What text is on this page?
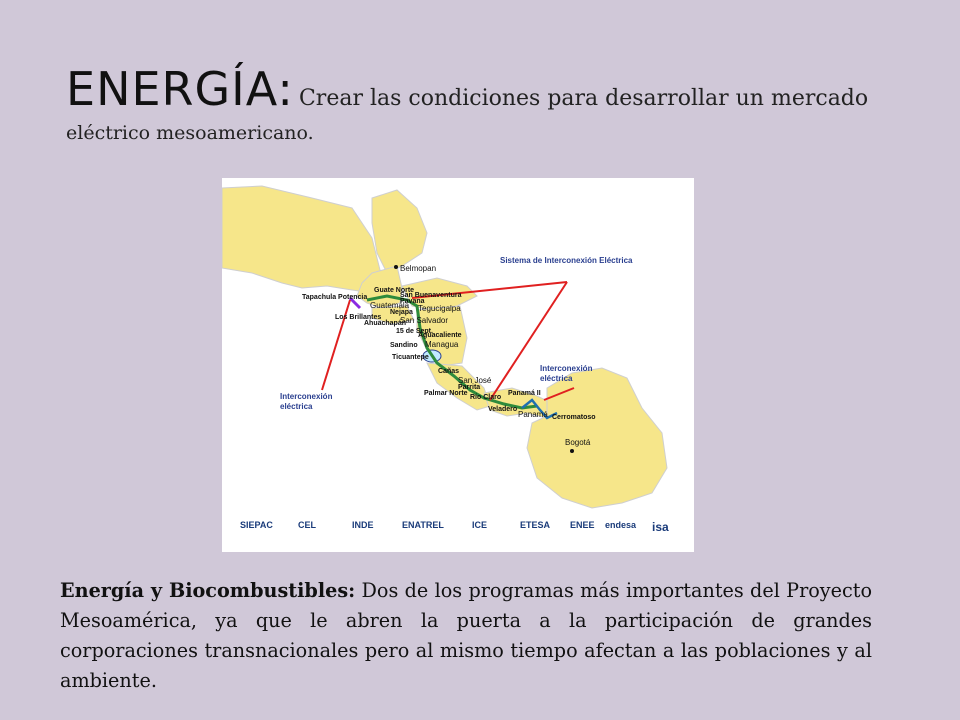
ENERGÍA: Crear las condiciones para desarrollar un mercado
eléctrico mesoamericano.
Sistema de Interconexión Eléctrica
Interconexión eléctrica
Interconexión eléctrica
Belmopan
Guatemala Tegucigalpa
San Salvador
Managua
San José
Panamá
Bogotá
Tapachula Potencia
Guate Norte
San Buenaventura
Pavana
Los Brillantes
Ahuachapán
Nejapa
15 de Sept.
Sandino
Ticuantepe
Aguacaliente
Cañas
Parrita
Palmar Norte
Río Claro
Veladero
Panamá II
Cerromatoso
SIEPAC	CEL	INDE	ENATREL	ICE	ETESA ENEE endesa isa
Energía y Biocombustibles: Dos de los programas más importantes del Proyecto Mesoamérica, ya que le abren la puerta a la participación de grandes corporaciones transnacionales pero al mismo tiempo afectan a las poblaciones y al ambiente.
